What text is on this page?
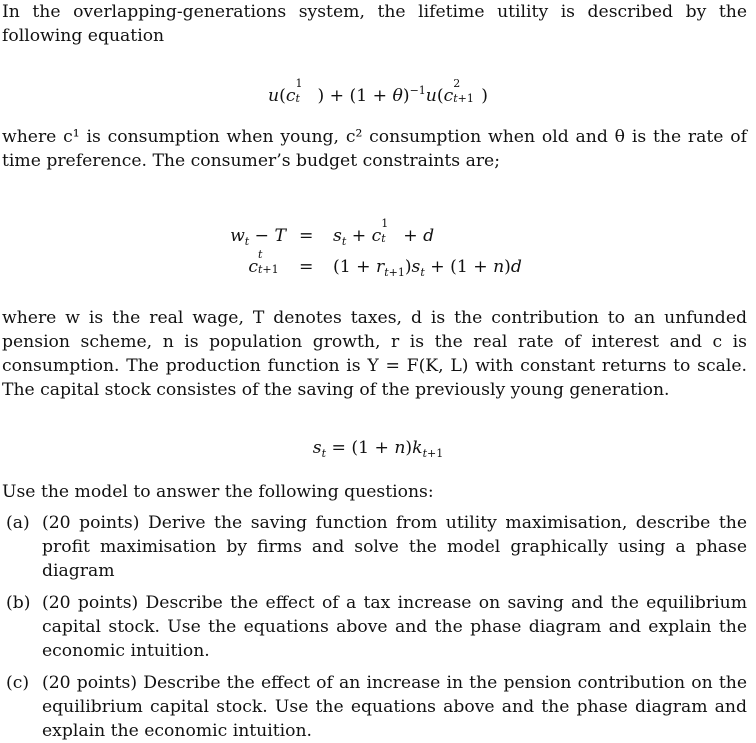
In the overlapping-generations system, the lifetime utility is described by the following equation

u(c
1
t ) + $(1 + \theta)^{-1}u(c$
2
t+1 )

where c¹ is consumption when young, c² consumption when old and θ is the rate of time preference. The consumer’s budget constraints are;

$w_t - T = s_t + c$
1
t + d
c
t
$t+1 = (1 + r_{t+1})s_t + (1 + n)d$

where w is the real wage, T denotes taxes, d is the contribution to an unfunded pension scheme, n is population growth, r is the real rate of interest and c is consumption. The production function is Y = F(K, L) with constant returns to scale. The capital stock consistes of the saving of the previously young generation.

$s_t = (1 + n)k_{t+1}$

Use the model to answer the following questions:

(a) (20 points) Derive the saving function from utility maximisation, describe the profit maximisation by firms and solve the model graphically using a phase diagram

(b) (20 points) Describe the effect of a tax increase on saving and the equilibrium capital stock. Use the equations above and the phase diagram and explain the economic intuition.

(c) (20 points) Describe the effect of an increase in the pension contribution on the equilibrium capital stock. Use the equations above and the phase diagram and explain the economic intuition.
